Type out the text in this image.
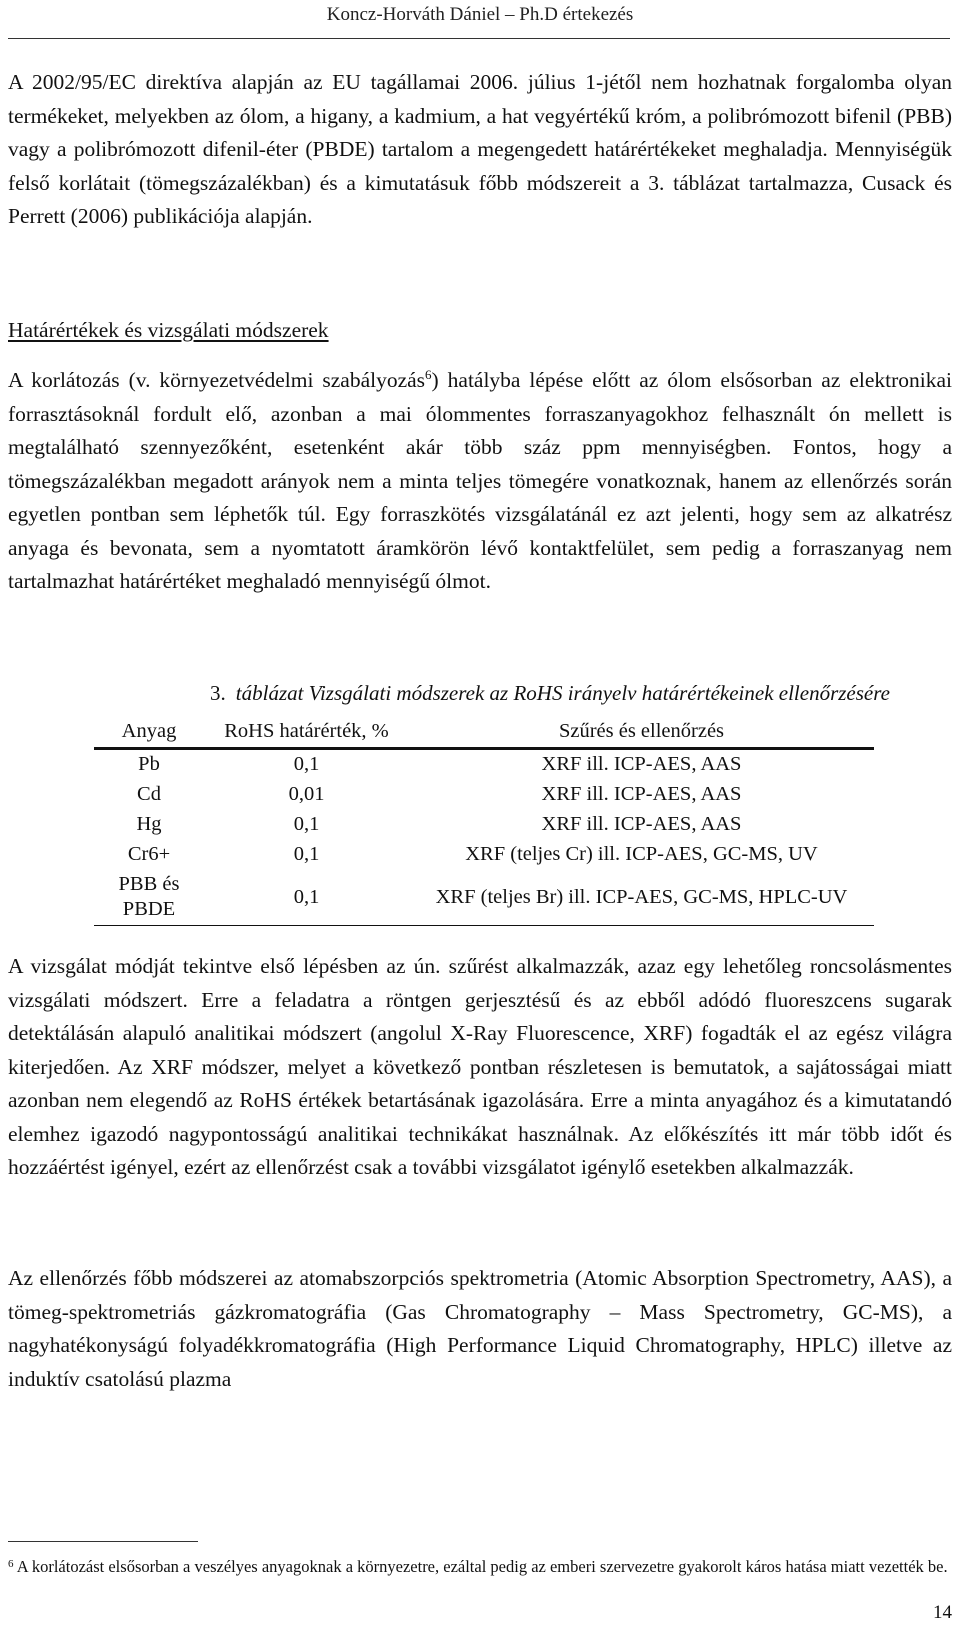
Koncz-Horváth Dániel – Ph.D értekezés

A 2002/95/EC direktíva alapján az EU tagállamai 2006. július 1-jétől nem hozhatnak forgalomba olyan termékeket, melyekben az ólom, a higany, a kadmium, a hat vegyértékű króm, a polibrómozott bifenil (PBB) vagy a polibrómozott difenil-éter (PBDE) tartalom a megengedett határértékeket meghaladja. Mennyiségük felső korlátait (tömegszázalékban) és a kimutatásuk főbb módszereit a 3. táblázat tartalmazza, Cusack és Perrett (2006) publikációja alapján.

Határértékek és vizsgálati módszerek

A korlátozás (v. környezetvédelmi szabályozás$^6$) hatályba lépése előtt az ólom elsősorban az elektronikai forrasztásoknál fordult elő, azonban a mai ólommentes forraszanyagokhoz felhasznált ón mellett is megtalálható szennyezőként, esetenként akár több száz ppm mennyiségben. Fontos, hogy a tömegszázalékban megadott arányok nem a minta teljes tömegére vonatkoznak, hanem az ellenőrzés során egyetlen pontban sem léphetők túl. Egy forraszkötés vizsgálatánál ez azt jelenti, hogy sem az alkatrész anyaga és bevonata, sem a nyomtatott áramkörön lévő kontaktfelület, sem pedig a forraszanyag nem tartalmazhat határértéket meghaladó mennyiségű ólmot.

3. táblázat Vizsgálati módszerek az RoHS irányelv határértékeinek ellenőrzésére
Anyag	RoHS határérték, %	Szűrés és ellenőrzés
Pb	0,1	XRF ill. ICP-AES, AAS
Cd	0,01	XRF ill. ICP-AES, AAS
Hg	0,1	XRF ill. ICP-AES, AAS
Cr6+	0,1	XRF (teljes Cr) ill. ICP-AES, GC-MS, UV
PBB és PBDE	0,1	XRF (teljes Br) ill. ICP-AES, GC-MS, HPLC-UV

A vizsgálat módját tekintve első lépésben az ún. szűrést alkalmazzák, azaz egy lehetőleg roncsolásmentes vizsgálati módszert. Erre a feladatra a röntgen gerjesztésű és az ebből adódó fluoreszcens sugarak detektálásán alapuló analitikai módszert (angolul X-Ray Fluorescence, XRF) fogadták el az egész világra kiterjedően. Az XRF módszer, melyet a következő pontban részletesen is bemutatok, a sajátosságai miatt azonban nem elegendő az RoHS értékek betartásának igazolására. Erre a minta anyagához és a kimutatandó elemhez igazodó nagypontosságú analitikai technikákat használnak. Az előkészítés itt már több időt és hozzáértést igényel, ezért az ellenőrzést csak a további vizsgálatot igénylő esetekben alkalmazzák.

Az ellenőrzés főbb módszerei az atomabszorpciós spektrometria (Atomic Absorption Spectrometry, AAS), a tömeg-spektrometriás gázkromatográfia (Gas Chromatography – Mass Spectrometry, GC-MS), a nagyhatékonyságú folyadékkromatográfia (High Performance Liquid Chromatography, HPLC) illetve az induktív csatolású plazma

$^6$ A korlátozást elsősorban a veszélyes anyagoknak a környezetre, ezáltal pedig az emberi szervezetre gyakorolt káros hatása miatt vezették be.

14
